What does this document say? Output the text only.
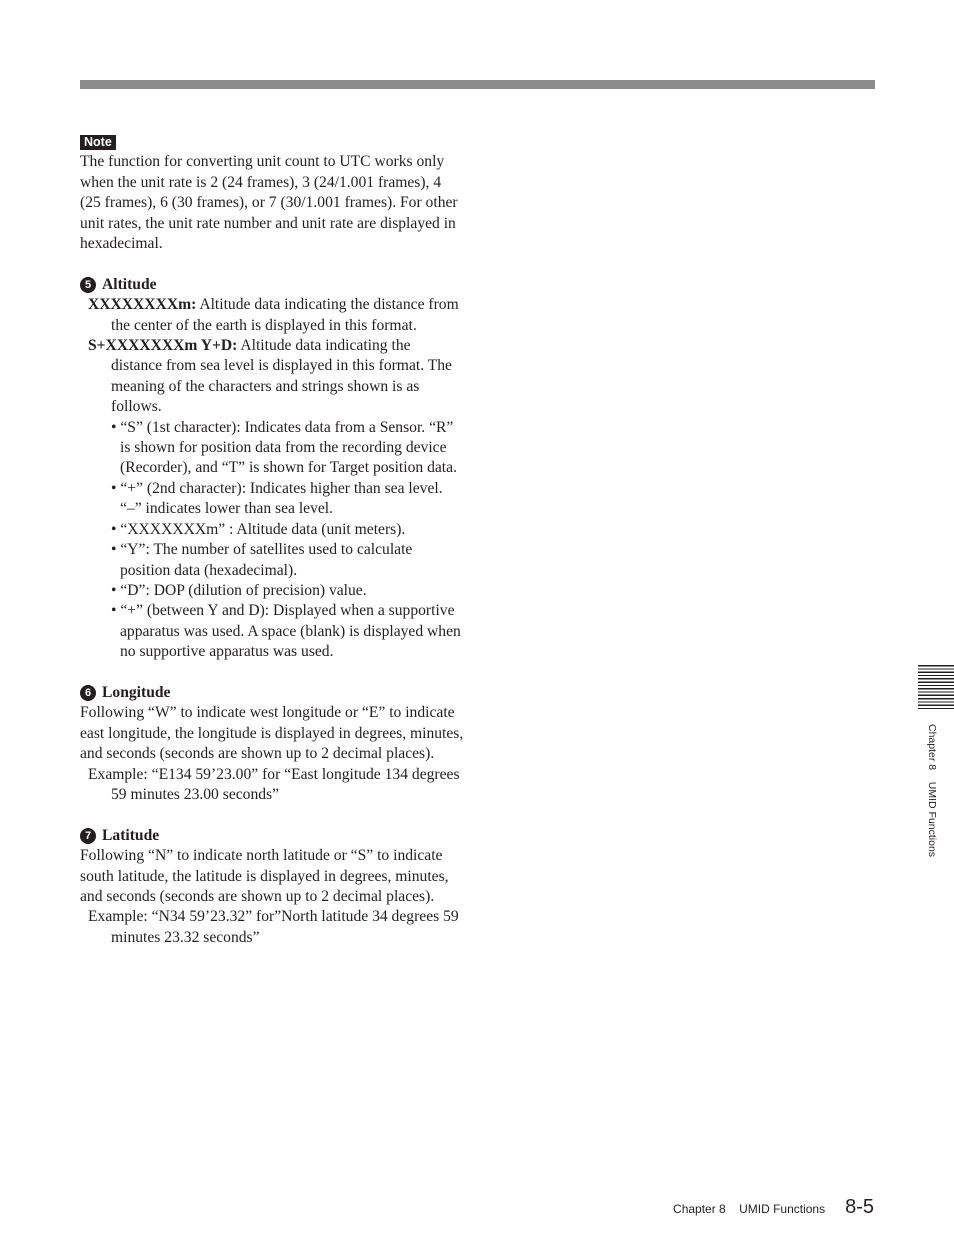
Note

The function for converting unit count to UTC works only when the unit rate is 2 (24 frames), 3 (24/1.001 frames), 4 (25 frames), 6 (30 frames), or 7 (30/1.001 frames). For other unit rates, the unit rate number and unit rate are displayed in hexadecimal.

5 Altitude

XXXXXXXXm: Altitude data indicating the distance from the center of the earth is displayed in this format.

S+XXXXXXXm Y+D: Altitude data indicating the distance from sea level is displayed in this format. The meaning of the characters and strings shown is as follows.

• “S” (1st character): Indicates data from a Sensor. “R” is shown for position data from the recording device (Recorder), and “T” is shown for Target position data.
• “+” (2nd character): Indicates higher than sea level. “–” indicates lower than sea level.
• “XXXXXXXm” : Altitude data (unit meters).
• “Y”: The number of satellites used to calculate position data (hexadecimal).
• “D”: DOP (dilution of precision) value.
• “+” (between Y and D): Displayed when a supportive apparatus was used. A space (blank) is displayed when no supportive apparatus was used.
6 Longitude

Following “W” to indicate west longitude or “E” to indicate east longitude, the longitude is displayed in degrees, minutes, and seconds (seconds are shown up to 2 decimal places).

Example: “E134 59’23.00” for “East longitude 134 degrees 59 minutes 23.00 seconds”

7 Latitude

Following “N” to indicate north latitude or “S” to indicate south latitude, the latitude is displayed in degrees, minutes, and seconds (seconds are shown up to 2 decimal places).

Example: “N34 59’23.32” for”North latitude 34 degrees 59 minutes 23.32 seconds”

Chapter 8    UMID Functions
Chapter 8    UMID Functions 8-5
